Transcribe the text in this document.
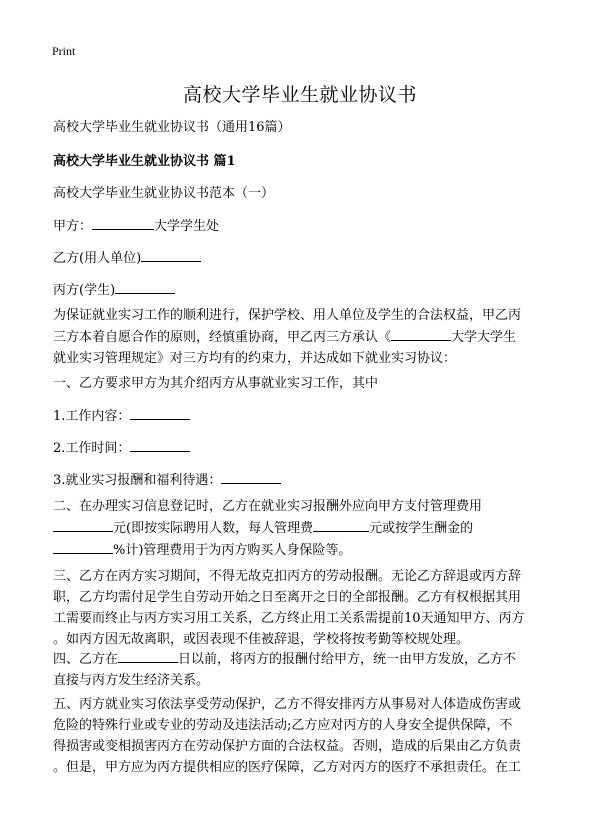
Print
高校大学毕业生就业协议书
高校大学毕业生就业协议书（通用16篇）
高校大学毕业生就业协议书 篇1
高校大学毕业生就业协议书范本（一）
甲方：	大学学生处
乙方(用人单位)
丙方(学生)
为保证就业实习工作的顺利进行，保护学校、用人单位及学生的合法权益，甲乙丙
三方本着自愿合作的原则，经慎重协商，甲乙丙三方承认《	大学大学生
就业实习管理规定》对三方均有的约束力，并达成如下就业实习协议：
一、乙方要求甲方为其介绍丙方从事就业实习工作，其中
1.工作内容：
2.工作时间：
3.就业实习报酬和福利待遇：
二、在办理实习信息登记时，乙方在就业实习报酬外应向甲方支付管理费用
元(即按实际聘用人数，每人管理费	元或按学生酬金的
%计)管理费用于为丙方购买人身保险等。
三、乙方在丙方实习期间，不得无故克扣丙方的劳动报酬。无论乙方辞退或丙方辞
职，乙方均需付足学生自劳动开始之日至离开之日的全部报酬。乙方有权根据其用
工需要而终止与丙方实习用工关系，乙方终止用工关系需提前10天通知甲方、丙方
。如丙方因无故离职，或因表现不佳被辞退，学校将按考勤等校规处理。
四、乙方在	日以前，将丙方的报酬付给甲方，统一由甲方发放，乙方不
直接与丙方发生经济关系。
五、丙方就业实习依法享受劳动保护，乙方不得安排丙方从事易对人体造成伤害或
危险的特殊行业或专业的劳动及违法活动;乙方应对丙方的人身安全提供保障，不
得损害或变相损害丙方在劳动保护方面的合法权益。否则，造成的后果由乙方负责
。但是，甲方应为丙方提供相应的医疗保障，乙方对丙方的医疗不承担责任。在工
